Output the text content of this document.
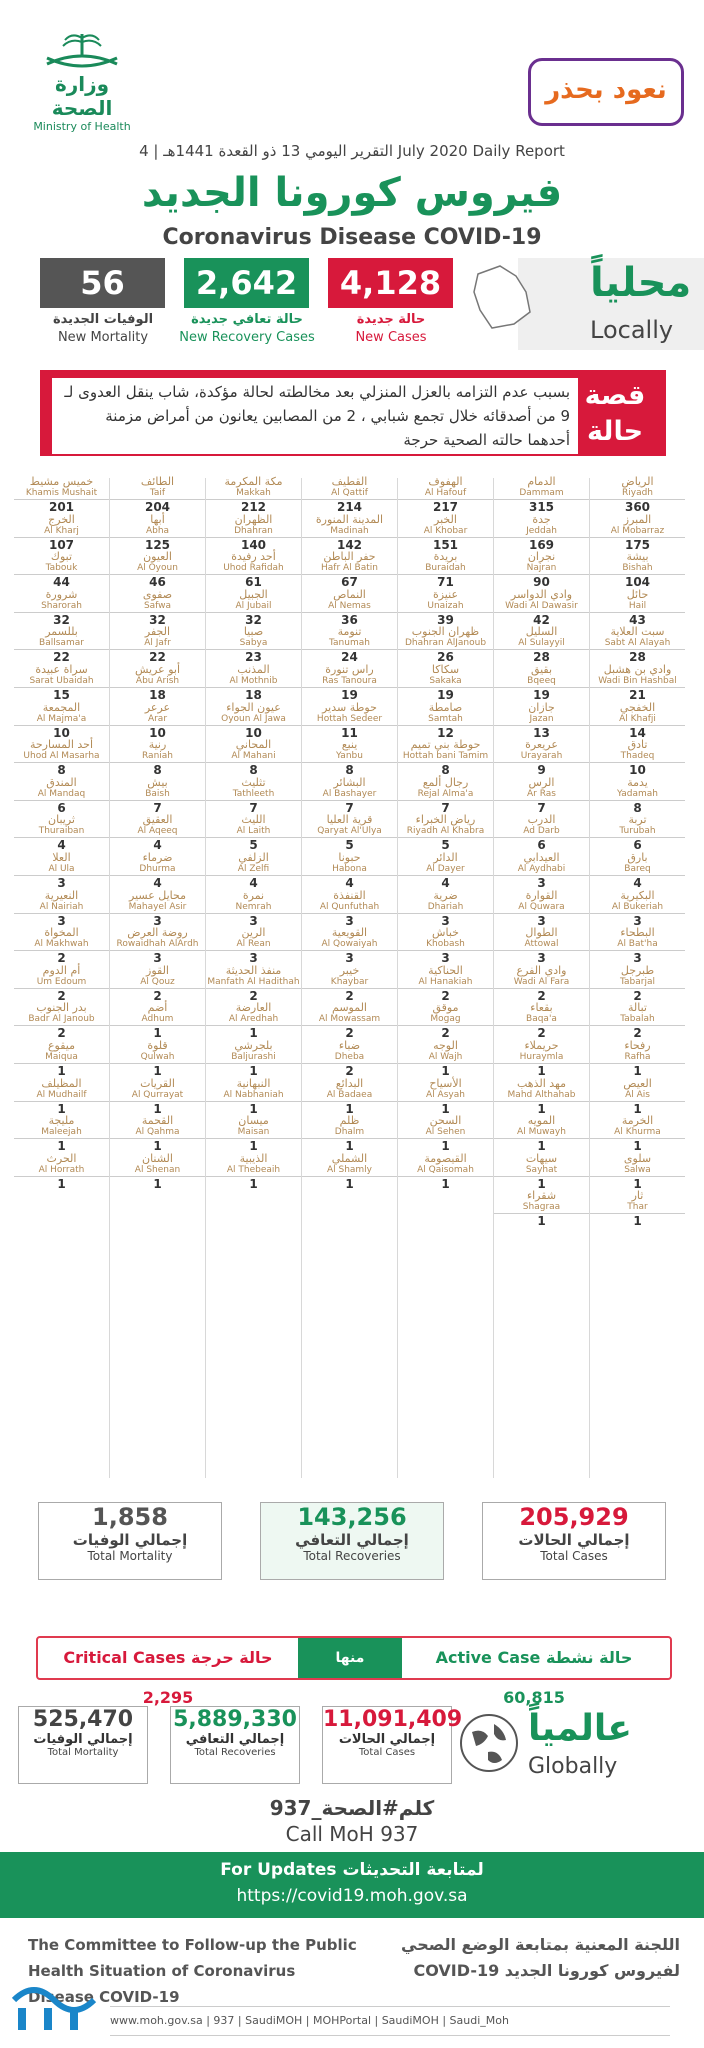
وزارة الصحة
Ministry of Health
نعود بحذر
التقرير اليومي 13 ذو القعدة 1441هـ | 4 July 2020 Daily Report
فيروس كورونا الجديد
Coronavirus Disease COVID-19
محلياً
Locally
4,128
حالة جديدة
New Cases
2,642
حالة تعافي جديدة
New Recovery Cases
56
الوفيات الجديدة
New Mortality
قصة حالة
بسبب عدم التزامه بالعزل المنزلي بعد مخالطته لحالة مؤكدة، شاب ينقل العدوى لـ 9 من أصدقائه خلال تجمع شبابي ، 2 من المصابين يعانون من أمراض مزمنة أحدهما حالته الصحية حرجة
الرياض
Riyadh
360
المبرز
Al Mobarraz
175
بيشة
Bishah
104
حائل
Hail
43
سبت العلاية
Sabt Al Alayah
28
وادي بن هشبل
Wadi Bin Hashbal
21
الخفجي
Al Khafji
14
تادق
Thadeq
10
يدمة
Yadamah
8
تربة
Turubah
6
بارق
Bareq
4
البكيرية
Al Bukeriah
3
البطحاء
Al Bat'ha
3
طبرجل
Tabarjal
2
تبالة
Tabalah
2
رفحاء
Rafha
1
العيص
Al Ais
1
الخرمة
Al Khurma
1
سلوى
Salwa
1
ثار
Thar
1
الدمام
Dammam
315
جدة
Jeddah
169
نجران
Najran
90
وادي الدواسر
Wadi Al Dawasir
42
السليل
Al Sulayyil
28
بقيق
Bqeeq
19
جازان
Jazan
13
عريعرة
Urayarah
9
الرس
Ar Ras
7
الدرب
Ad Darb
6
العيدابي
Al Aydhabi
3
القوارة
Al Quwara
3
الطوال
Attowal
3
وادي الفرع
Wadi Al Fara
2
بقعاء
Baqa'a
2
حريملاء
Huraymla
1
مهد الذهب
Mahd Althahab
1
المويه
Al Muwayh
1
سيهات
Sayhat
1
شقراء
Shagraa
1
الهفوف
Al Hafouf
217
الخبر
Al Khobar
151
بريدة
Buraidah
71
عنيزة
Unaizah
39
ظهران الجنوب
Dhahran AlJanoub
26
سكاكا
Sakaka
19
صامطة
Samtah
12
حوطة بني تميم
Hottah bani Tamim
8
رجال ألمع
Rejal Alma'a
7
رياض الخبراء
Riyadh Al Khabra
5
الدائر
Al Dayer
4
ضرية
Dhariah
3
خباش
Khobash
3
الحناكية
Al Hanakiah
2
موقق
Mogag
2
الوجه
Al Wajh
1
الأسياح
Al Asyah
1
السحن
Al Sehen
1
القيصومة
Al Qaisomah
1
القطيف
Al Qattif
214
المدينة المنورة
Madinah
142
حفر الباطن
Hafr Al Batin
67
النماص
Al Nemas
36
تنومة
Tanumah
24
راس تنورة
Ras Tanoura
19
حوطة سدير
Hottah Sedeer
11
ينبع
Yanbu
8
البشائر
Al Bashayer
7
قرية العليا
Qaryat Al'Ulya
5
حبونا
Habona
4
القنفذة
Al Qunfuthah
3
القويعية
Al Qowaiyah
3
خيبر
Khaybar
2
الموسم
Al Mowassam
2
ضباء
Dheba
2
البدائع
Al Badaea
1
ظلم
Dhalm
1
الشملي
Al Shamly
1
مكة المكرمة
Makkah
212
الظهران
Dhahran
140
أحد رفيدة
Uhod Rafidah
61
الجبيل
Al Jubail
32
صبيا
Sabya
23
المذنب
Al Mothnib
18
عيون الجواء
Oyoun Al Jawa
10
المحاني
Al Mahani
8
تثليث
Tathleeth
7
الليث
Al Laith
5
الزلفي
Al Zelfi
4
نمرة
Nemrah
3
الرين
Al Rean
3
منفذ الحديثة
Manfath Al Hadithah
2
العارضة
Al Aredhah
1
بلجرشي
Baljurashi
1
النبهانية
Al Nabhaniah
1
ميسان
Maisan
1
الذيبية
Al Thebeaih
1
الطائف
Taif
204
أبها
Abha
125
العيون
Al Oyoun
46
صفوى
Safwa
32
الجفر
Al Jafr
22
أبو عريش
Abu Arish
18
عرعر
Arar
10
رنية
Raniah
8
بيش
Baish
7
العقيق
Al Aqeeq
4
ضرماء
Dhurma
4
محايل عسير
Mahayel Asir
3
روضة العرض
Rowaidhah AlArdh
3
القوز
Al Qouz
2
أضم
Adhum
1
قلوة
Qulwah
1
القريات
Al Qurrayat
1
القحمة
Al Qahma
1
الشنان
Al Shenan
1
خميس مشيط
Khamis Mushait
201
الخرج
Al Kharj
107
تبوك
Tabouk
44
شرورة
Sharorah
32
بللسمر
Ballsamar
22
سراة عبيدة
Sarat Ubaidah
15
المجمعة
Al Majma'a
10
أحد المسارحة
Uhod Al Masarha
8
المندق
Al Mandaq
6
ثريبان
Thuraiban
4
العلا
Al Ula
3
النعيرية
Al Nairiah
3
المخواة
Al Makhwah
2
أم الدوم
Um Edoum
2
بدر الجنوب
Badr Al Janoub
2
ميقوع
Maiqua
1
المظيلف
Al Mudhailf
1
مليجة
Maleejah
1
الحرث
Al Horrath
1
205,929
إجمالي الحالات
Total Cases
143,256
إجمالي التعافي
Total Recoveries
1,858
إجمالي الوفيات
Total Mortality
Critical Cases حالة حرجة 2,295
منها	Active Case حالة نشطة 60,815
عالمياً
Globally
11,091,409
إجمالي الحالات
Total Cases
5,889,330
إجمالي التعافي
Total Recoveries
525,470
إجمالي الوفيات
Total Mortality
كلم#الصحة_937
Call MoH 937
For Updates لمتابعة التحديثات
https://covid19.moh.gov.sa
The Committee to Follow-up the Public Health Situation of Coronavirus Disease COVID-19
اللجنة المعنية بمتابعة الوضع الصحي لفيروس كورونا الجديد COVID-19
www.moh.gov.sa | 937 | SaudiMOH | MOHPortal | SaudiMOH | Saudi_Moh
